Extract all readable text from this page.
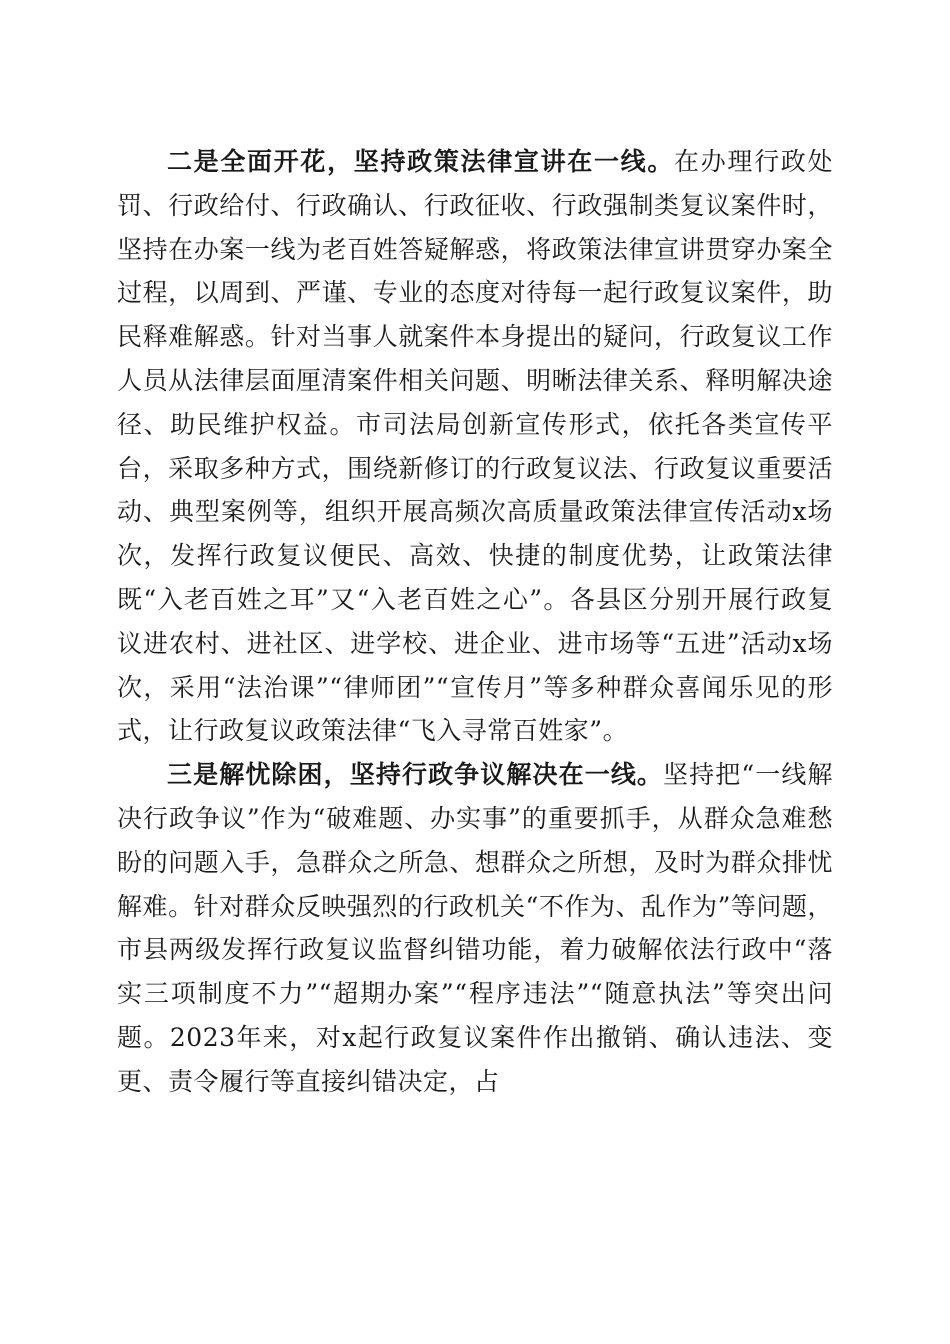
二是全面开花，坚持政策法律宣讲在一线。在办理行政处罚、行政给付、行政确认、行政征收、行政强制类复议案件时，坚持在办案一线为老百姓答疑解惑，将政策法律宣讲贯穿办案全过程，以周到、严谨、专业的态度对待每一起行政复议案件，助民释难解惑。针对当事人就案件本身提出的疑问，行政复议工作人员从法律层面厘清案件相关问题、明晰法律关系、释明解决途径、助民维护权益。市司法局创新宣传形式，依托各类宣传平台，采取多种方式，围绕新修订的行政复议法、行政复议重要活动、典型案例等，组织开展高频次高质量政策法律宣传活动x场次，发挥行政复议便民、高效、快捷的制度优势，让政策法律既“入老百姓之耳”又“入老百姓之心”。各县区分别开展行政复议进农村、进社区、进学校、进企业、进市场等“五进”活动x场次，采用“法治课”“律师团”“宣传月”等多种群众喜闻乐见的形式，让行政复议政策法律“飞入寻常百姓家”。

三是解忧除困，坚持行政争议解决在一线。坚持把“一线解决行政争议”作为“破难题、办实事”的重要抓手，从群众急难愁盼的问题入手，急群众之所急、想群众之所想，及时为群众排忧解难。针对群众反映强烈的行政机关“不作为、乱作为”等问题，市县两级发挥行政复议监督纠错功能，着力破解依法行政中“落实三项制度不力”“超期办案”“程序违法”“随意执法”等突出问题。2023年来，对x起行政复议案件作出撤销、确认违法、变更、责令履行等直接纠错决定，占
